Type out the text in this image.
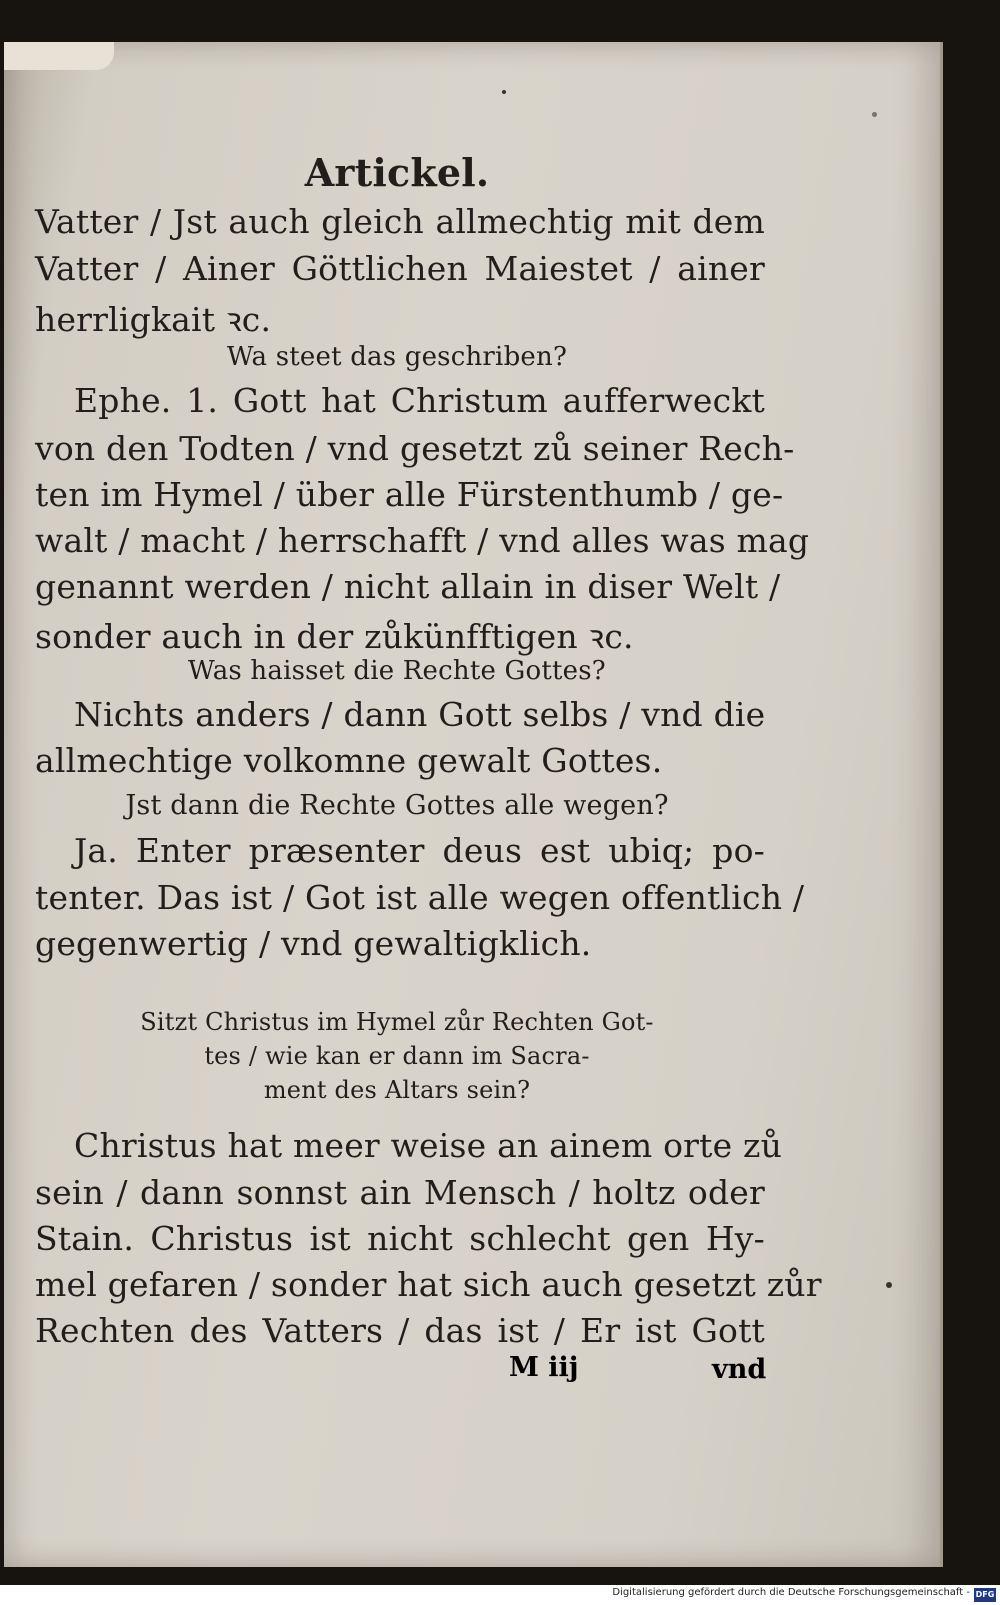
Artickel.
Vatter / Jst auch gleich allmechtig mit dem
Vatter / Ainer Göttlichen Maiestet / ainer
herrligkait ꝛc.
Wa steet das geschriben?
Ephe. 1. Gott hat Christum aufferweckt
von den Todten / vnd gesetzt zů seiner Rech-
ten im Hymel / über alle Fürstenthumb / ge-
walt / macht / herrschafft / vnd alles was mag
genannt werden / nicht allain in diser Welt /
sonder auch in der zůkünfftigen ꝛc.
Was haisset die Rechte Gottes?
Nichts anders / dann Gott selbs / vnd die
allmechtige volkomne gewalt Gottes.
Jst dann die Rechte Gottes alle wegen?
Ja. Enter præsenter deus est ubiq; po-
tenter. Das ist / Got ist alle wegen offentlich /
gegenwertig / vnd gewaltigklich.
Sitzt Christus im Hymel zůr Rechten Got-
tes / wie kan er dann im Sacra-
ment des Altars sein?
Christus hat meer weise an ainem orte zů
sein / dann sonnst ain Mensch / holtz oder
Stain. Christus ist nicht schlecht gen Hy-
mel gefaren / sonder hat sich auch gesetzt zůr
Rechten des Vatters / das ist / Er ist Gott
M iij	vnd
Digitalisierung gefördert durch die Deutsche Forschungsgemeinschaft - DFG
